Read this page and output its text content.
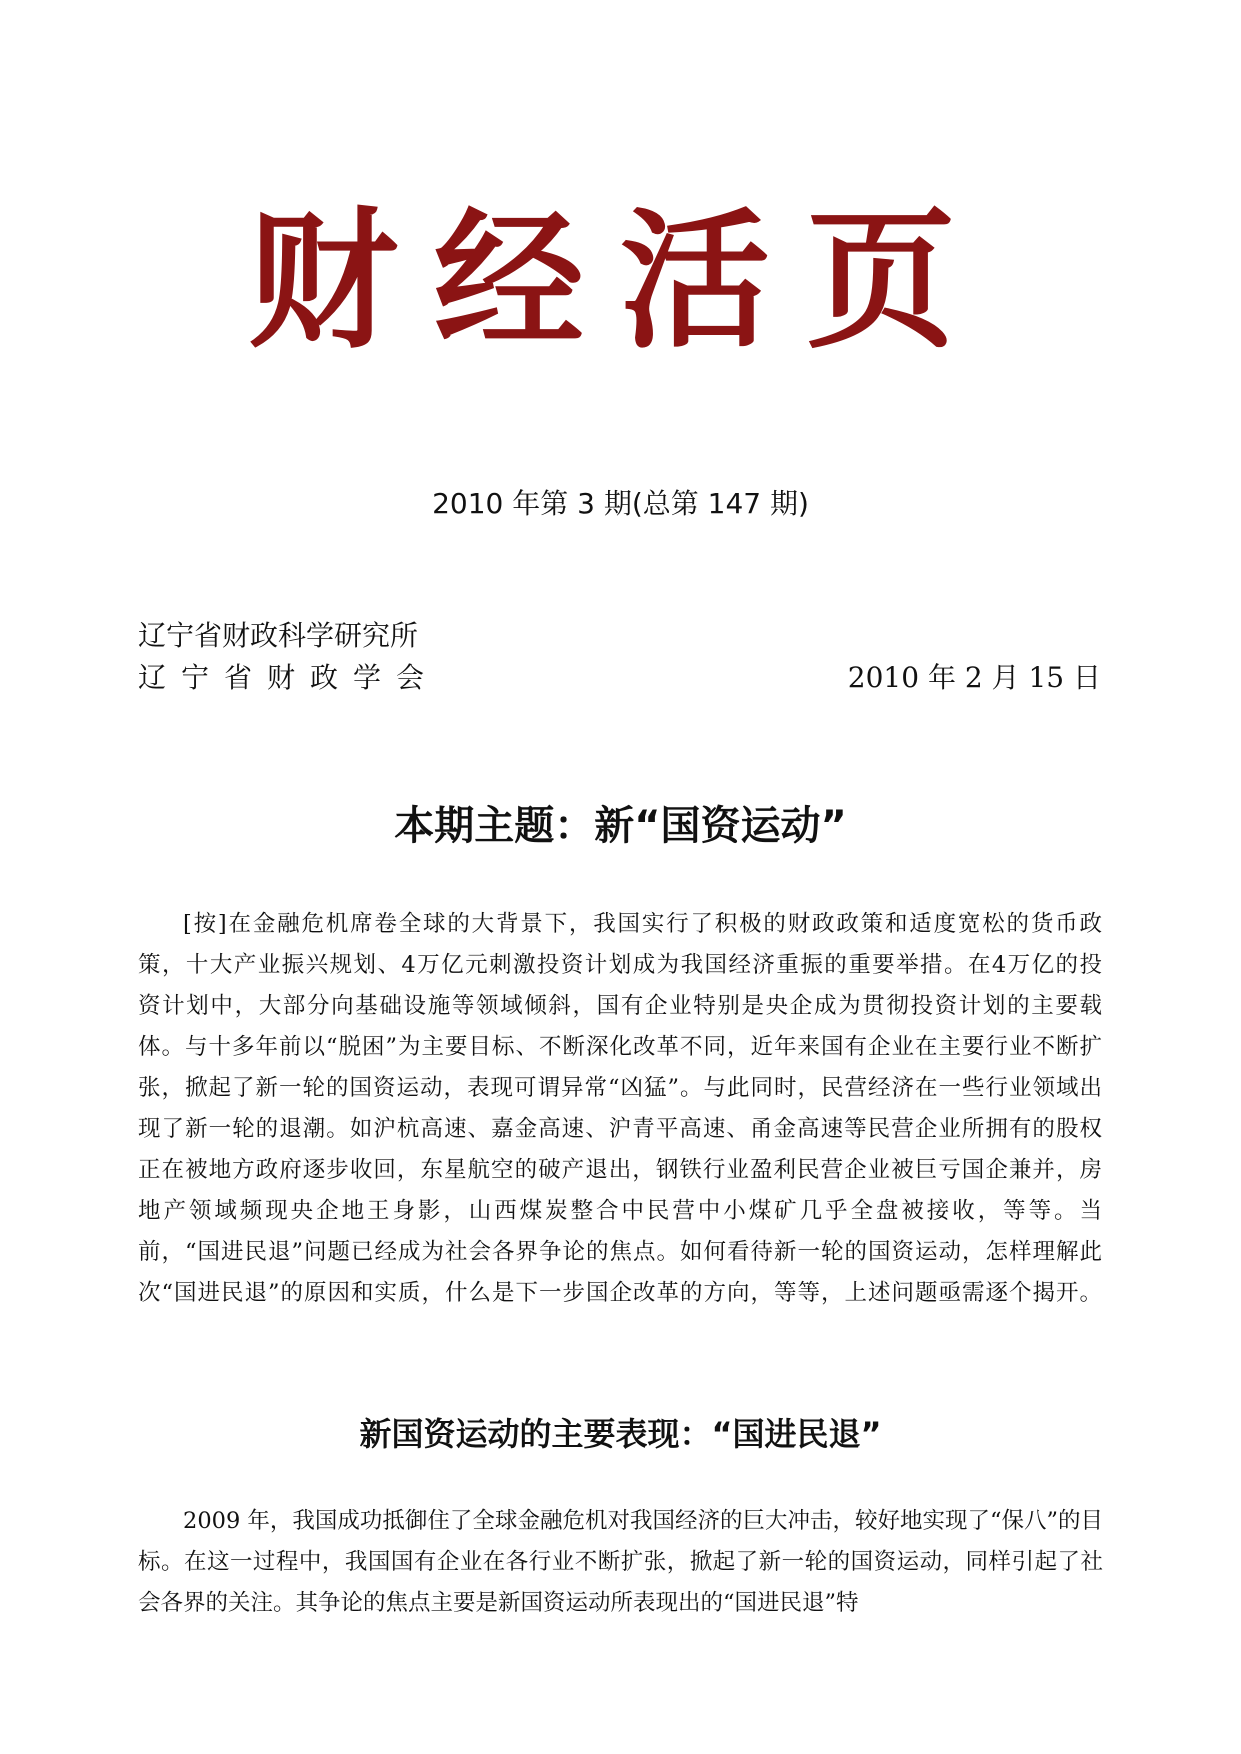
财经活页
2010 年第 3 期(总第 147 期)
辽宁省财政科学研究所
辽宁省财政学会	2010 年 2 月 15 日
本期主题：新“国资运动”

[按]在金融危机席卷全球的大背景下，我国实行了积极的财政政策和适度宽松的货币政策，十大产业振兴规划、4万亿元刺激投资计划成为我国经济重振的重要举措。在4万亿的投资计划中，大部分向基础设施等领域倾斜，国有企业特别是央企成为贯彻投资计划的主要载体。与十多年前以“脱困”为主要目标、不断深化改革不同，近年来国有企业在主要行业不断扩张，掀起了新一轮的国资运动，表现可谓异常“凶猛”。与此同时，民营经济在一些行业领域出现了新一轮的退潮。如沪杭高速、嘉金高速、沪青平高速、甬金高速等民营企业所拥有的股权正在被地方政府逐步收回，东星航空的破产退出，钢铁行业盈利民营企业被巨亏国企兼并，房地产领域频现央企地王身影，山西煤炭整合中民营中小煤矿几乎全盘被接收，等等。当前，“国进民退”问题已经成为社会各界争论的焦点。如何看待新一轮的国资运动，怎样理解此次“国进民退”的原因和实质，什么是下一步国企改革的方向，等等，上述问题亟需逐个揭开。

新国资运动的主要表现：“国进民退”

2009 年，我国成功抵御住了全球金融危机对我国经济的巨大冲击，较好地实现了“保八”的目标。在这一过程中，我国国有企业在各行业不断扩张，掀起了新一轮的国资运动，同样引起了社会各界的关注。其争论的焦点主要是新国资运动所表现出的“国进民退”特
